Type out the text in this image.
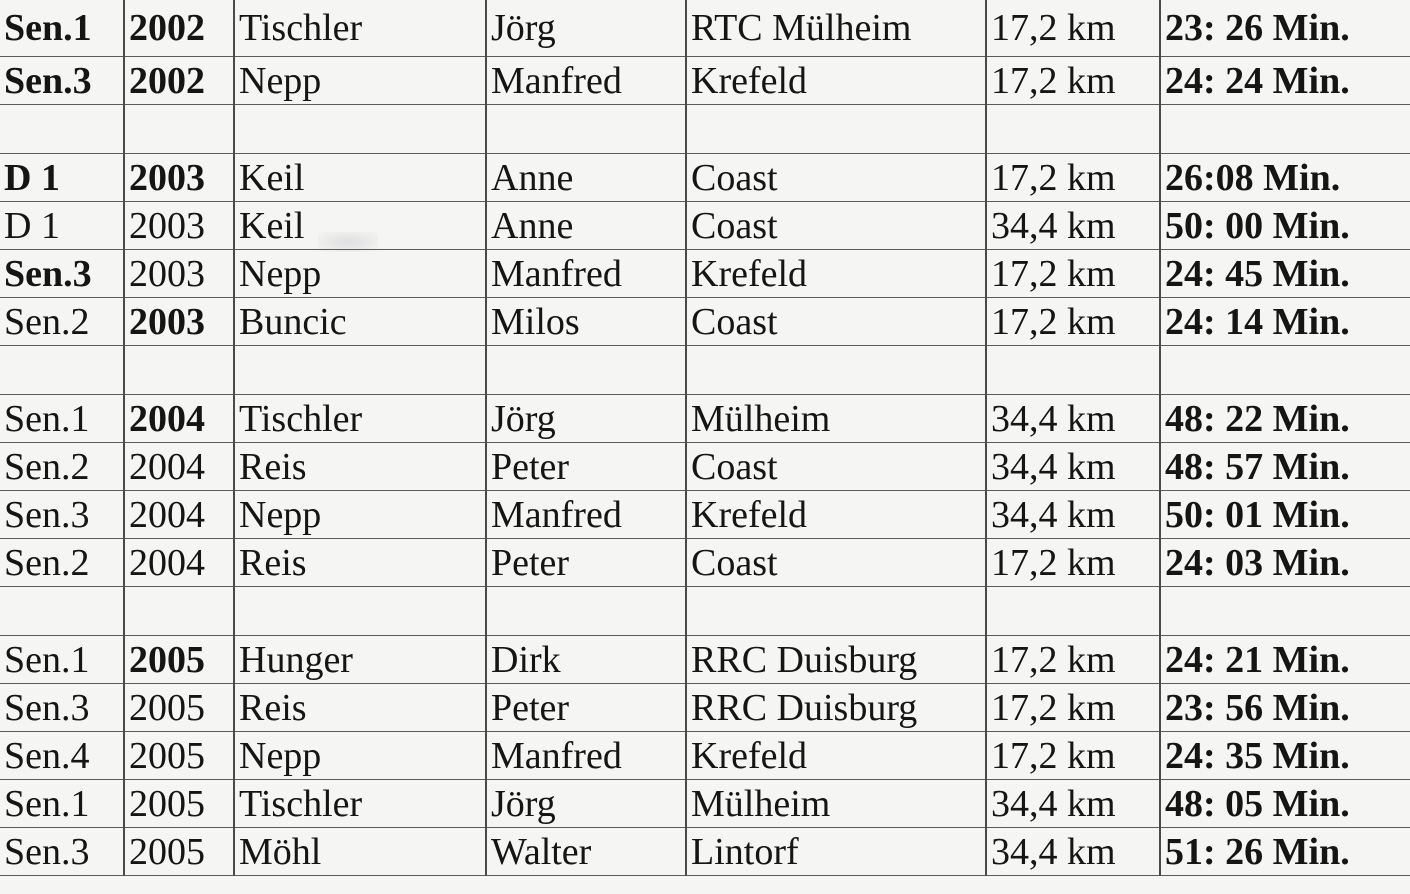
Sen.1	2002	Tischler	Jörg	RTC Mülheim	17,2 km	23: 26 Min.
Sen.3	2002	Nepp	Manfred	Krefeld	17,2 km	24: 24 Min.

D 1	2003	Keil	Anne	Coast	17,2 km	26:08 Min.
D 1	2003	Keil	Anne	Coast	34,4 km	50: 00 Min.
Sen.3	2003	Nepp	Manfred	Krefeld	17,2 km	24: 45 Min.
Sen.2	2003	Buncic	Milos	Coast	17,2 km	24: 14 Min.

Sen.1	2004	Tischler	Jörg	Mülheim	34,4 km	48: 22 Min.
Sen.2	2004	Reis	Peter	Coast	34,4 km	48: 57 Min.
Sen.3	2004	Nepp	Manfred	Krefeld	34,4 km	50: 01 Min.
Sen.2	2004	Reis	Peter	Coast	17,2 km	24: 03 Min.

Sen.1	2005	Hunger	Dirk	RRC Duisburg	17,2 km	24: 21 Min.
Sen.3	2005	Reis	Peter	RRC Duisburg	17,2 km	23: 56 Min.
Sen.4	2005	Nepp	Manfred	Krefeld	17,2 km	24: 35 Min.
Sen.1	2005	Tischler	Jörg	Mülheim	34,4 km	48: 05 Min.
Sen.3	2005	Möhl	Walter	Lintorf	34,4 km	51: 26 Min.
